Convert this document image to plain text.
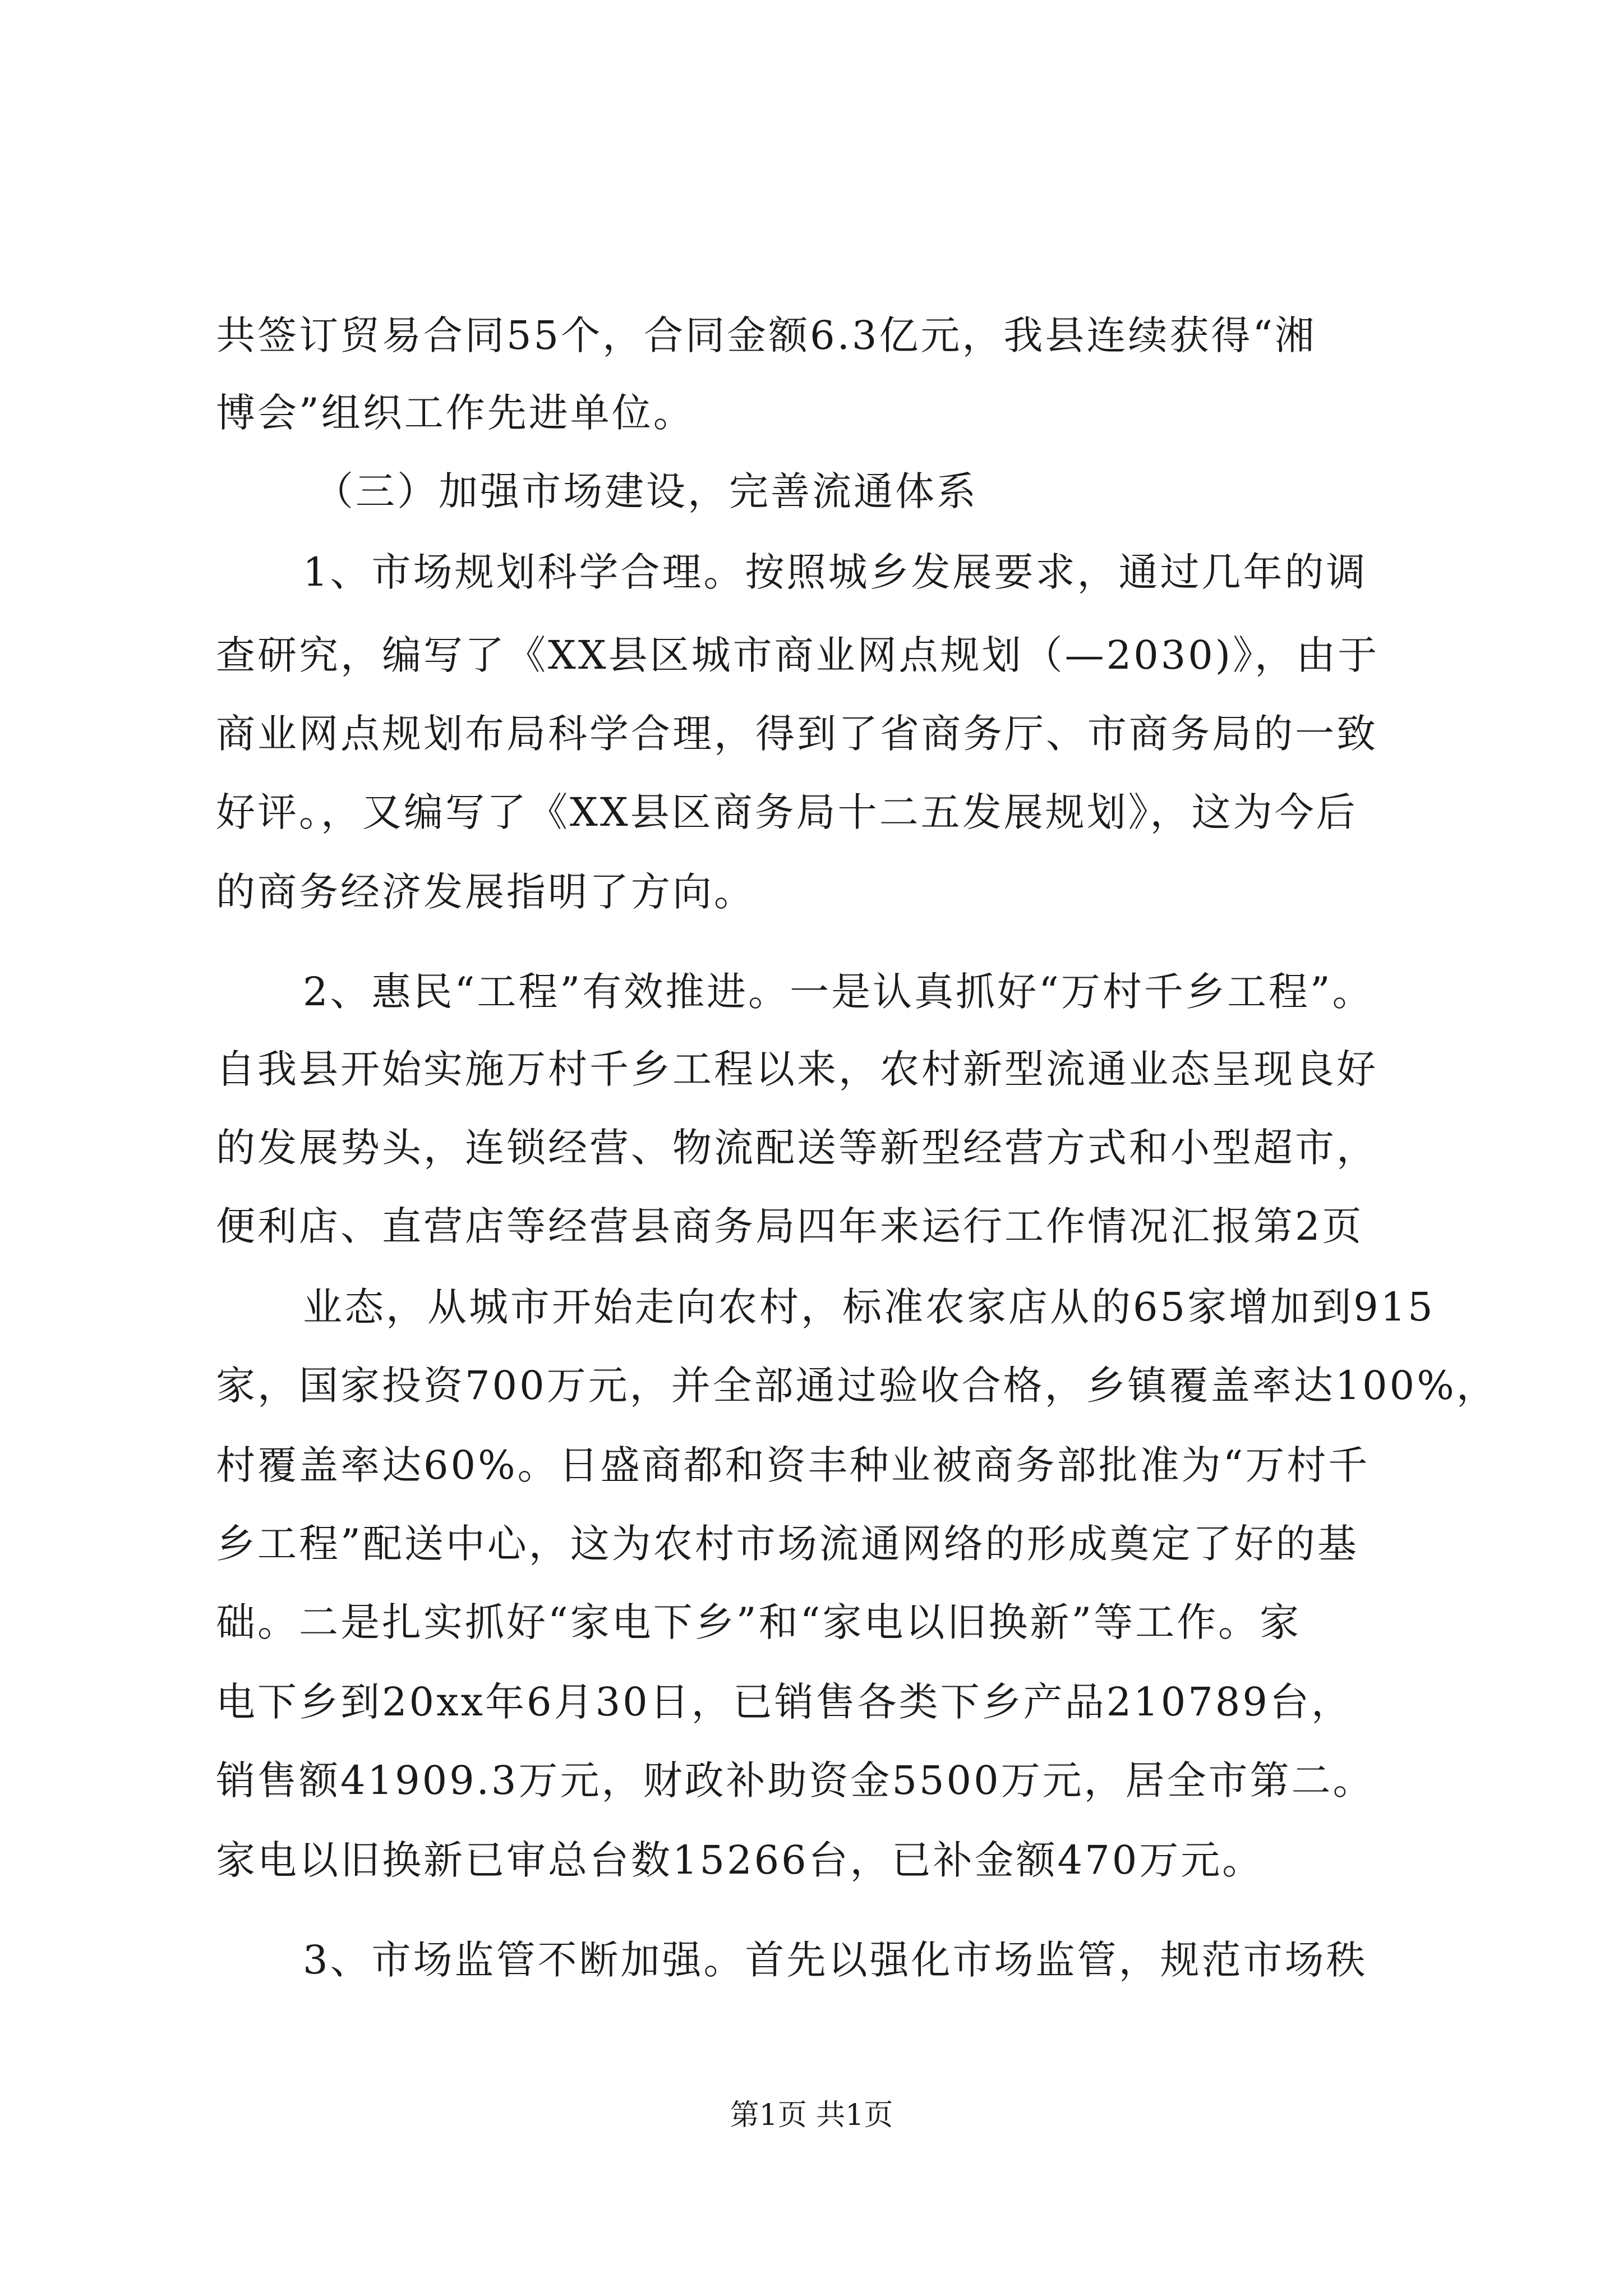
共签订贸易合同55个，合同金额6.3亿元，我县连续获得“湘
博会”组织工作先进单位。
（三）加强市场建设，完善流通体系
1、市场规划科学合理。按照城乡发展要求，通过几年的调
查研究，编写了《XX县区城市商业网点规划（—2030)》，由于
商业网点规划布局科学合理，得到了省商务厅、市商务局的一致
好评。，又编写了《XX县区商务局十二五发展规划》，这为今后
的商务经济发展指明了方向。
2、惠民“工程”有效推进。一是认真抓好“万村千乡工程”。
自我县开始实施万村千乡工程以来，农村新型流通业态呈现良好
的发展势头，连锁经营、物流配送等新型经营方式和小型超市，
便利店、直营店等经营县商务局四年来运行工作情况汇报第2页
业态，从城市开始走向农村，标准农家店从的65家增加到915
家，国家投资700万元，并全部通过验收合格，乡镇覆盖率达100%，
村覆盖率达60%。日盛商都和资丰种业被商务部批准为“万村千
乡工程”配送中心，这为农村市场流通网络的形成奠定了好的基
础。二是扎实抓好“家电下乡”和“家电以旧换新”等工作。家
电下乡到20xx年6月30日，已销售各类下乡产品210789台，
销售额41909.3万元，财政补助资金5500万元，居全市第二。
家电以旧换新已审总台数15266台，已补金额470万元。
3、市场监管不断加强。首先以强化市场监管，规范市场秩
第1页 共1页
